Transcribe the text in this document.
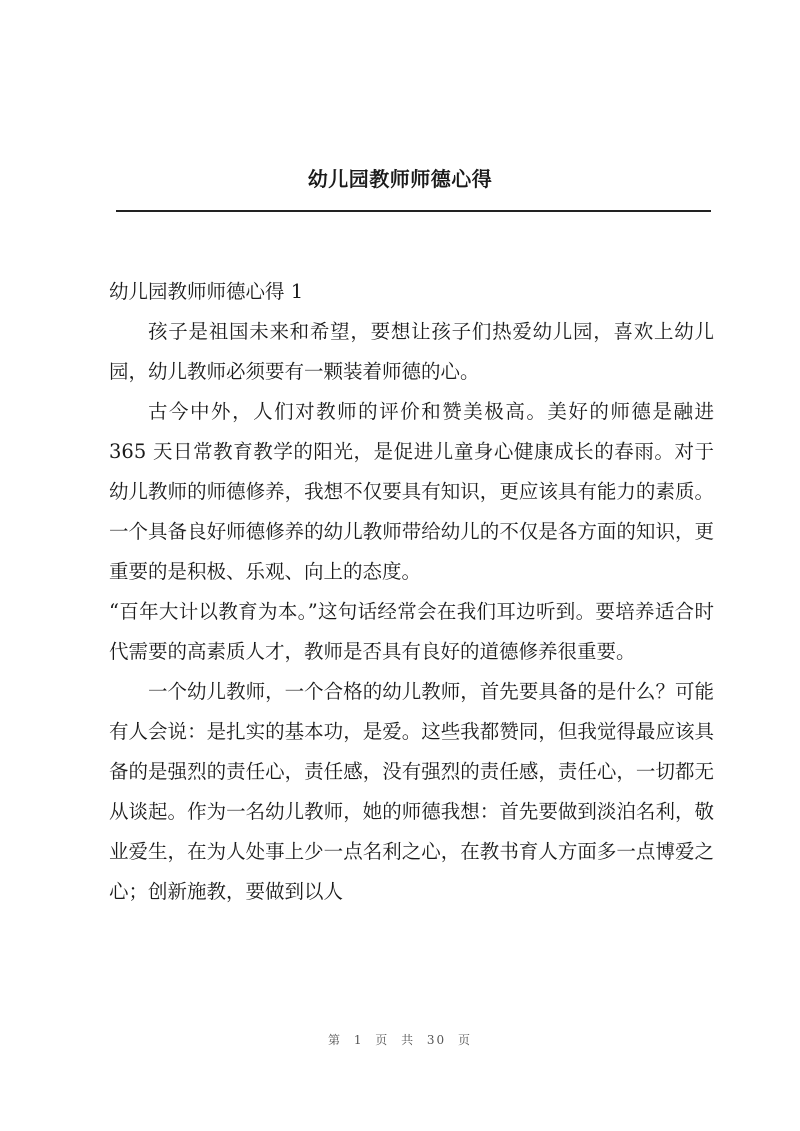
幼儿园教师师德心得

幼儿园教师师德心得 1

孩子是祖国未来和希望，要想让孩子们热爱幼儿园，喜欢上幼儿园，幼儿教师必须要有一颗装着师德的心。

古今中外，人们对教师的评价和赞美极高。美好的师德是融进 365 天日常教育教学的阳光，是促进儿童身心健康成长的春雨。对于幼儿教师的师德修养，我想不仅要具有知识，更应该具有能力的素质。一个具备良好师德修养的幼儿教师带给幼儿的不仅是各方面的知识，更重要的是积极、乐观、向上的态度。

“百年大计以教育为本。”这句话经常会在我们耳边听到。要培养适合时代需要的高素质人才，教师是否具有良好的道德修养很重要。

一个幼儿教师，一个合格的幼儿教师，首先要具备的是什么？可能有人会说：是扎实的基本功，是爱。这些我都赞同，但我觉得最应该具备的是强烈的责任心，责任感，没有强烈的责任感，责任心，一切都无从谈起。作为一名幼儿教师，她的师德我想：首先要做到淡泊名利，敬业爱生，在为人处事上少一点名利之心，在教书育人方面多一点博爱之心；创新施教，要做到以人

第 1 页 共 30 页
